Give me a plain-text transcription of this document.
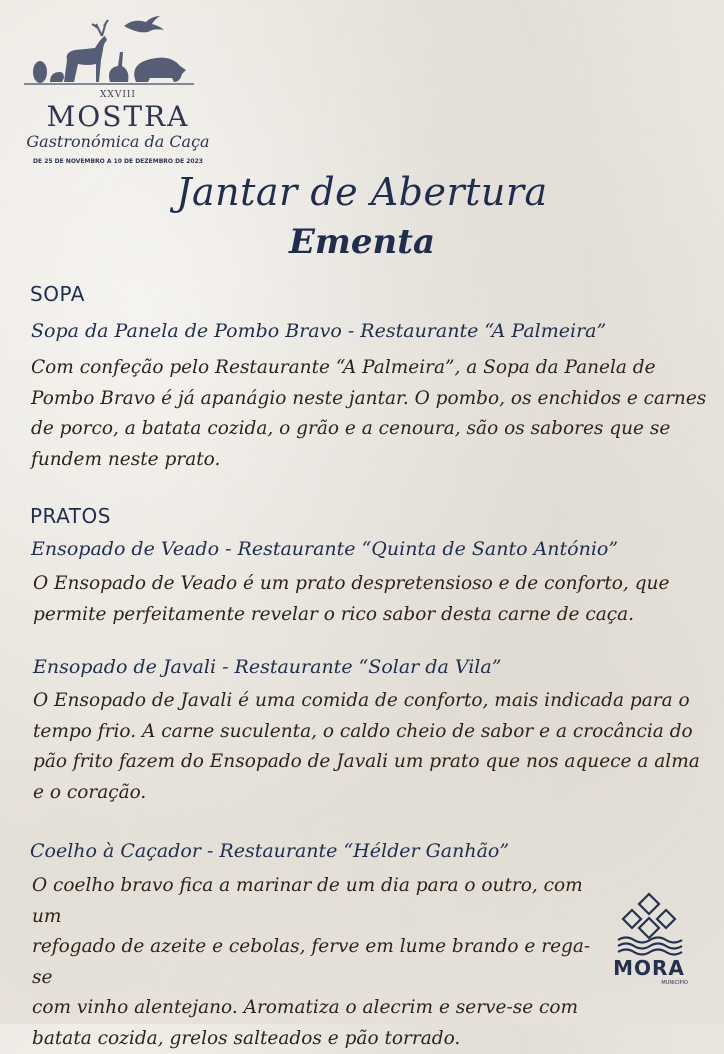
XXVIII
MOSTRA
Gastronómica da Caça
DE 25 DE NOVEMBRO A 10 DE DEZEMBRO DE 2023
Jantar de Abertura
Ementa
SOPA
Sopa da Panela de Pombo Bravo - Restaurante “A Palmeira”
Com confeção pelo Restaurante “A Palmeira”, a Sopa da Panela de
Pombo Bravo é já apanágio neste jantar. O pombo, os enchidos e carnes
de porco, a batata cozida, o grão e a cenoura, são os sabores que se
fundem neste prato.
PRATOS
Ensopado de Veado - Restaurante “Quinta de Santo António”
O Ensopado de Veado é um prato despretensioso e de conforto, que
permite perfeitamente revelar o rico sabor desta carne de caça.
Ensopado de Javali - Restaurante “Solar da Vila”
O Ensopado de Javali é uma comida de conforto, mais indicada para o
tempo frio. A carne suculenta, o caldo cheio de sabor e a crocância do
pão frito fazem do Ensopado de Javali um prato que nos aquece a alma
e o coração.
Coelho à Caçador - Restaurante “Hélder Ganhão”
O coelho bravo fica a marinar de um dia para o outro, com um
refogado de azeite e cebolas, ferve em lume brando e rega-se
com vinho alentejano. Aromatiza o alecrim e serve-se com
batata cozida, grelos salteados e pão torrado.
MORA
MUNICÍPIO
